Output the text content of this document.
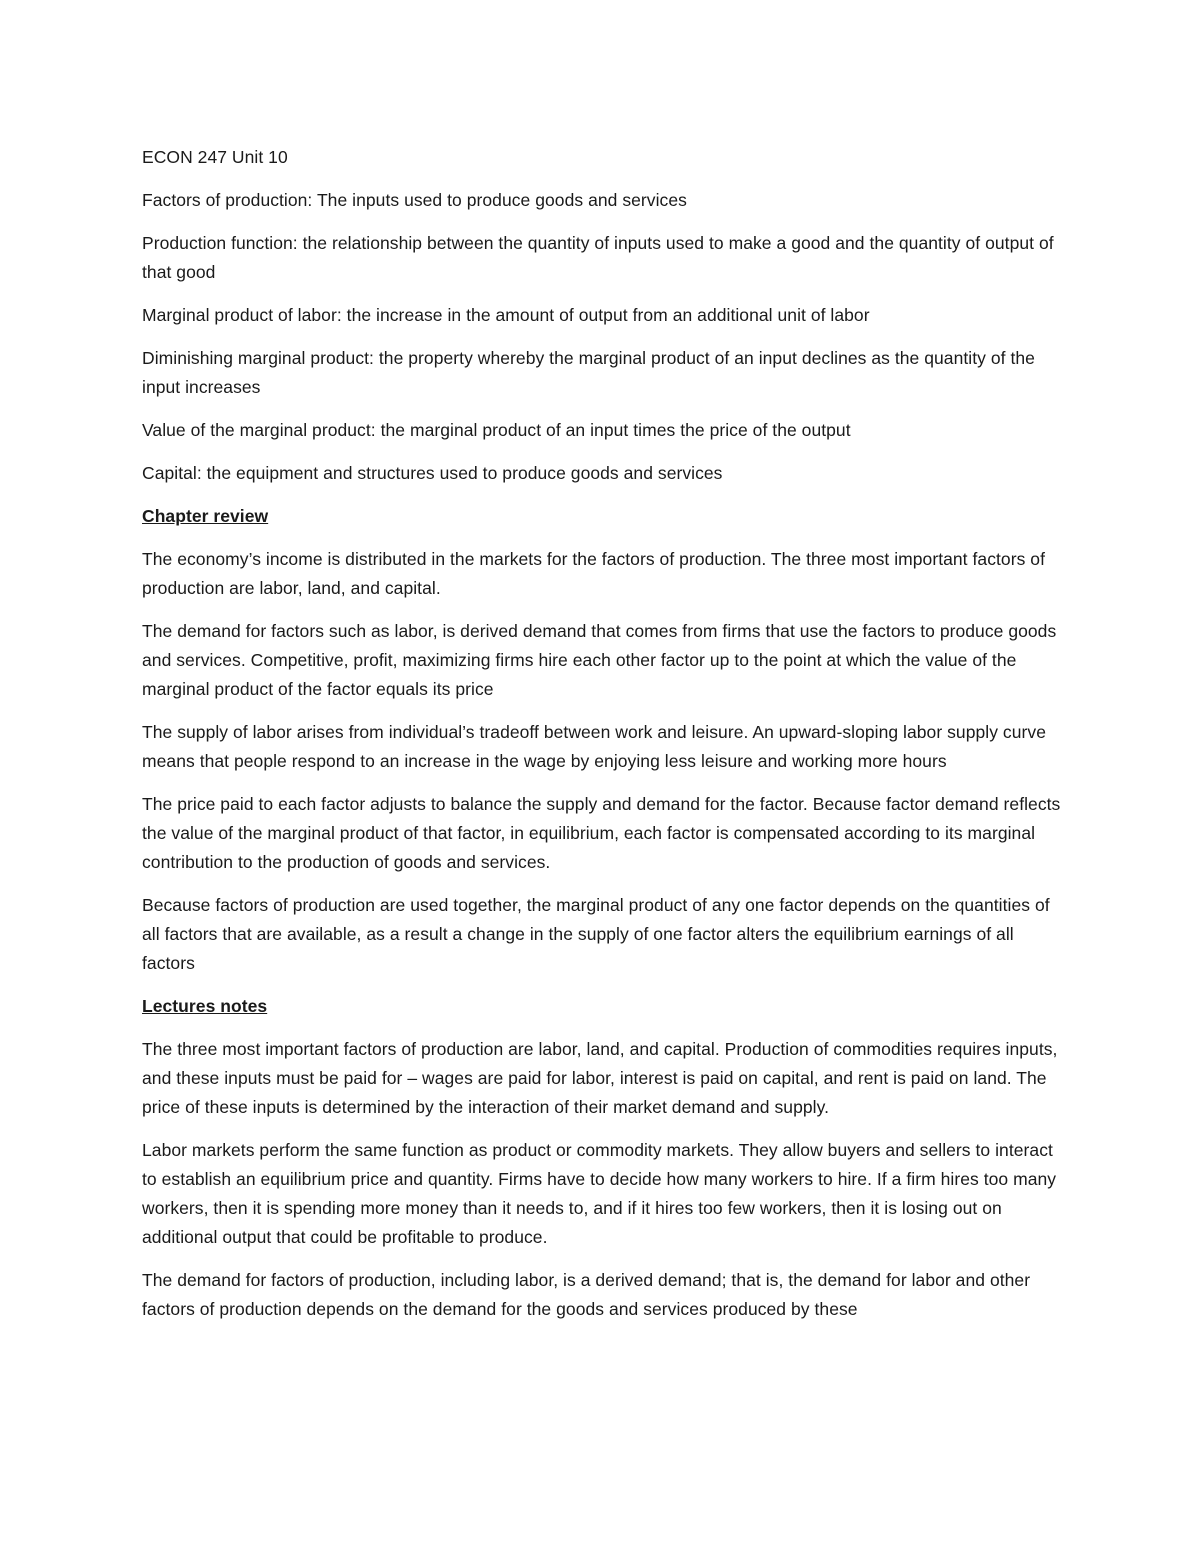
ECON 247 Unit 10

Factors of production: The inputs used to produce goods and services

Production function: the relationship between the quantity of inputs used to make a good and the quantity of output of that good

Marginal product of labor: the increase in the amount of output from an additional unit of labor

Diminishing marginal product: the property whereby the marginal product of an input declines as the quantity of the input increases

Value of the marginal product: the marginal product of an input times the price of the output

Capital: the equipment and structures used to produce goods and services

Chapter review

The economy’s income is distributed in the markets for the factors of production. The three most important factors of production are labor, land, and capital.

The demand for factors such as labor, is derived demand that comes from firms that use the factors to produce goods and services. Competitive, profit, maximizing firms hire each other factor up to the point at which the value of the marginal product of the factor equals its price

The supply of labor arises from individual’s tradeoff between work and leisure. An upward-sloping labor supply curve means that people respond to an increase in the wage by enjoying less leisure and working more hours

The price paid to each factor adjusts to balance the supply and demand for the factor. Because factor demand reflects the value of the marginal product of that factor, in equilibrium, each factor is compensated according to its marginal contribution to the production of goods and services.

Because factors of production are used together, the marginal product of any one factor depends on the quantities of all factors that are available, as a result a change in the supply of one factor alters the equilibrium earnings of all factors

Lectures notes

The three most important factors of production are labor, land, and capital. Production of commodities requires inputs, and these inputs must be paid for – wages are paid for labor, interest is paid on capital, and rent is paid on land. The price of these inputs is determined by the interaction of their market demand and supply.

Labor markets perform the same function as product or commodity markets. They allow buyers and sellers to interact to establish an equilibrium price and quantity. Firms have to decide how many workers to hire. If a firm hires too many workers, then it is spending more money than it needs to, and if it hires too few workers, then it is losing out on additional output that could be profitable to produce.

The demand for factors of production, including labor, is a derived demand; that is, the demand for labor and other factors of production depends on the demand for the goods and services produced by these
